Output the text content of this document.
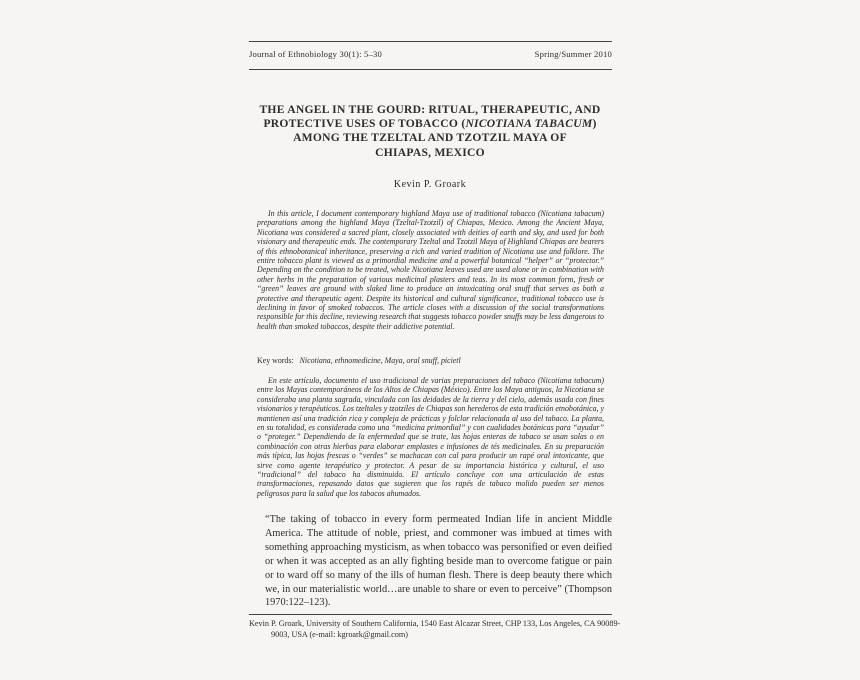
Journal of Ethnobiology 30(1): 5–30	Spring/Summer 2010
THE ANGEL IN THE GOURD: RITUAL, THERAPEUTIC, AND
PROTECTIVE USES OF TOBACCO (NICOTIANA TABACUM)
AMONG THE TZELTAL AND TZOTZIL MAYA OF
CHIAPAS, MEXICO
Kevin P. Groark
In this article, I document contemporary highland Maya use of traditional tobacco (Nicotiana tabacum) preparations among the highland Maya (Tzeltal-Tzotzil) of Chiapas, Mexico. Among the Ancient Maya, Nicotiana was considered a sacred plant, closely associated with deities of earth and sky, and used for both visionary and therapeutic ends. The contemporary Tzeltal and Tzotzil Maya of Highland Chiapas are bearers of this ethnobotanical inheritance, preserving a rich and varied tradition of Nicotiana use and folklore. The entire tobacco plant is viewed as a primordial medicine and a powerful botanical “helper” or “protector.” Depending on the condition to be treated, whole Nicotiana leaves used are used alone or in combination with other herbs in the preparation of various medicinal plasters and teas. In its most common form, fresh or “green” leaves are ground with slaked lime to produce an intoxicating oral snuff that serves as both a protective and therapeutic agent. Despite its historical and cultural significance, traditional tobacco use is declining in favor of smoked tobaccos. The article closes with a discussion of the social transformations responsible for this decline, reviewing research that suggests tobacco powder snuffs may be less dangerous to health than smoked tobaccos, despite their addictive potential.
Key words: Nicotiana, ethnomedicine, Maya, oral snuff, picietl
En este artículo, documento el uso tradicional de varias preparaciones del tabaco (Nicotiana tabacum) entre los Mayas contemporáneos de los Altos de Chiapas (México). Entre los Maya antiguos, la Nicotiana se consideraba una planta sagrada, vinculada con las deidades de la tierra y del cielo, además usada con fines visionarios y terapéuticos. Los tzeltales y tzotziles de Chiapas son herederos de esta tradición etnobotánica, y mantienen así una tradición rica y compleja de prácticas y folclor relacionada al uso del tabaco. La planta, en su totalidad, es considerada como una “medicina primordial” y con cualidades botánicas para “ayudar” o “proteger.” Dependiendo de la enfermedad que se trate, las hojas enteras de tabaco se usan solas o en combinación con otras hierbas para elaborar emplastes e infusiones de tés medicinales. En su preparación más típica, las hojas frescas o “verdes” se machacan con cal para producir un rapé oral intoxicante, que sirve como agente terapéutico y protector. A pesar de su importancia histórica y cultural, el uso “tradicional” del tabaco ha disminuido. El artículo concluye con una articulación de estas transformaciones, repasando datos que sugieren que los rapés de tabaco molido pueden ser menos peligrosos para la salud que los tabacos ahumados.
“The taking of tobacco in every form permeated Indian life in ancient Middle America. The attitude of noble, priest, and commoner was imbued at times with something approaching mysticism, as when tobacco was personified or even deified or when it was accepted as an ally fighting beside man to overcome fatigue or pain or to ward off so many of the ills of human flesh. There is deep beauty there which we, in our materialistic world…are unable to share or even to perceive” (Thompson 1970:122–123).
Kevin P. Groark, University of Southern California, 1540 East Alcazar Street, CHP 133, Los Angeles, CA 90089-9003, USA (e-mail: kgroark@gmail.com)
